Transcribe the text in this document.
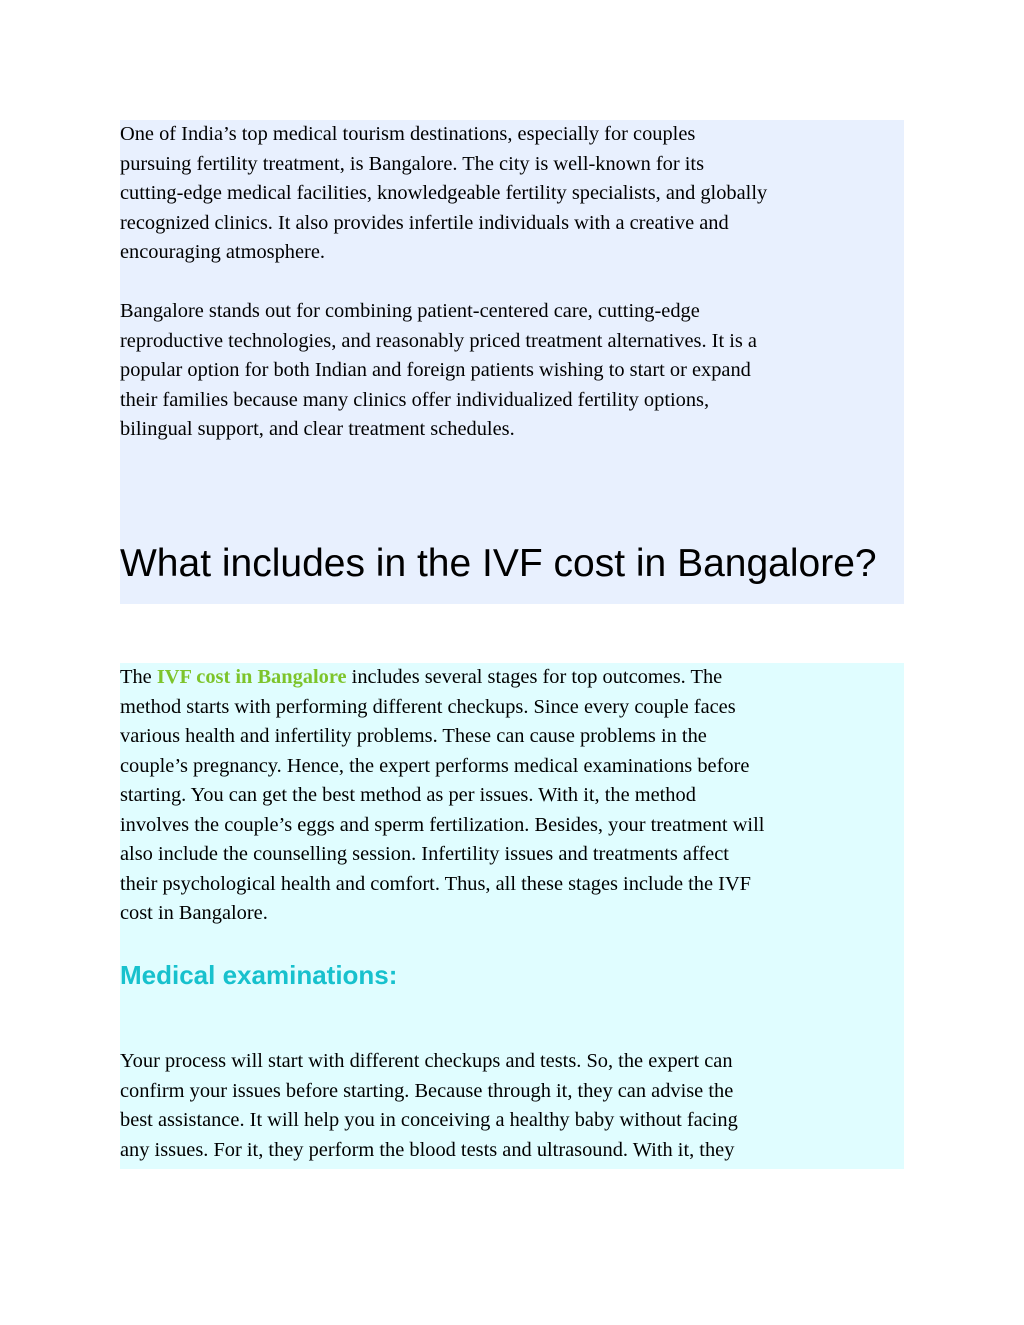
One of India’s top medical tourism destinations, especially for couples
pursuing fertility treatment, is Bangalore. The city is well-known for its
cutting-edge medical facilities, knowledgeable fertility specialists, and globally
recognized clinics. It also provides infertile individuals with a creative and
encouraging atmosphere.

Bangalore stands out for combining patient-centered care, cutting-edge
reproductive technologies, and reasonably priced treatment alternatives. It is a
popular option for both Indian and foreign patients wishing to start or expand
their families because many clinics offer individualized fertility options,
bilingual support, and clear treatment schedules.

What includes in the IVF cost in Bangalore?

The IVF cost in Bangalore includes several stages for top outcomes. The
method starts with performing different checkups. Since every couple faces
various health and infertility problems. These can cause problems in the
couple’s pregnancy. Hence, the expert performs medical examinations before
starting. You can get the best method as per issues. With it, the method
involves the couple’s eggs and sperm fertilization. Besides, your treatment will
also include the counselling session. Infertility issues and treatments affect
their psychological health and comfort. Thus, all these stages include the IVF
cost in Bangalore.

Medical examinations:

Your process will start with different checkups and tests. So, the expert can
confirm your issues before starting. Because through it, they can advise the
best assistance. It will help you in conceiving a healthy baby without facing
any issues. For it, they perform the blood tests and ultrasound. With it, they
